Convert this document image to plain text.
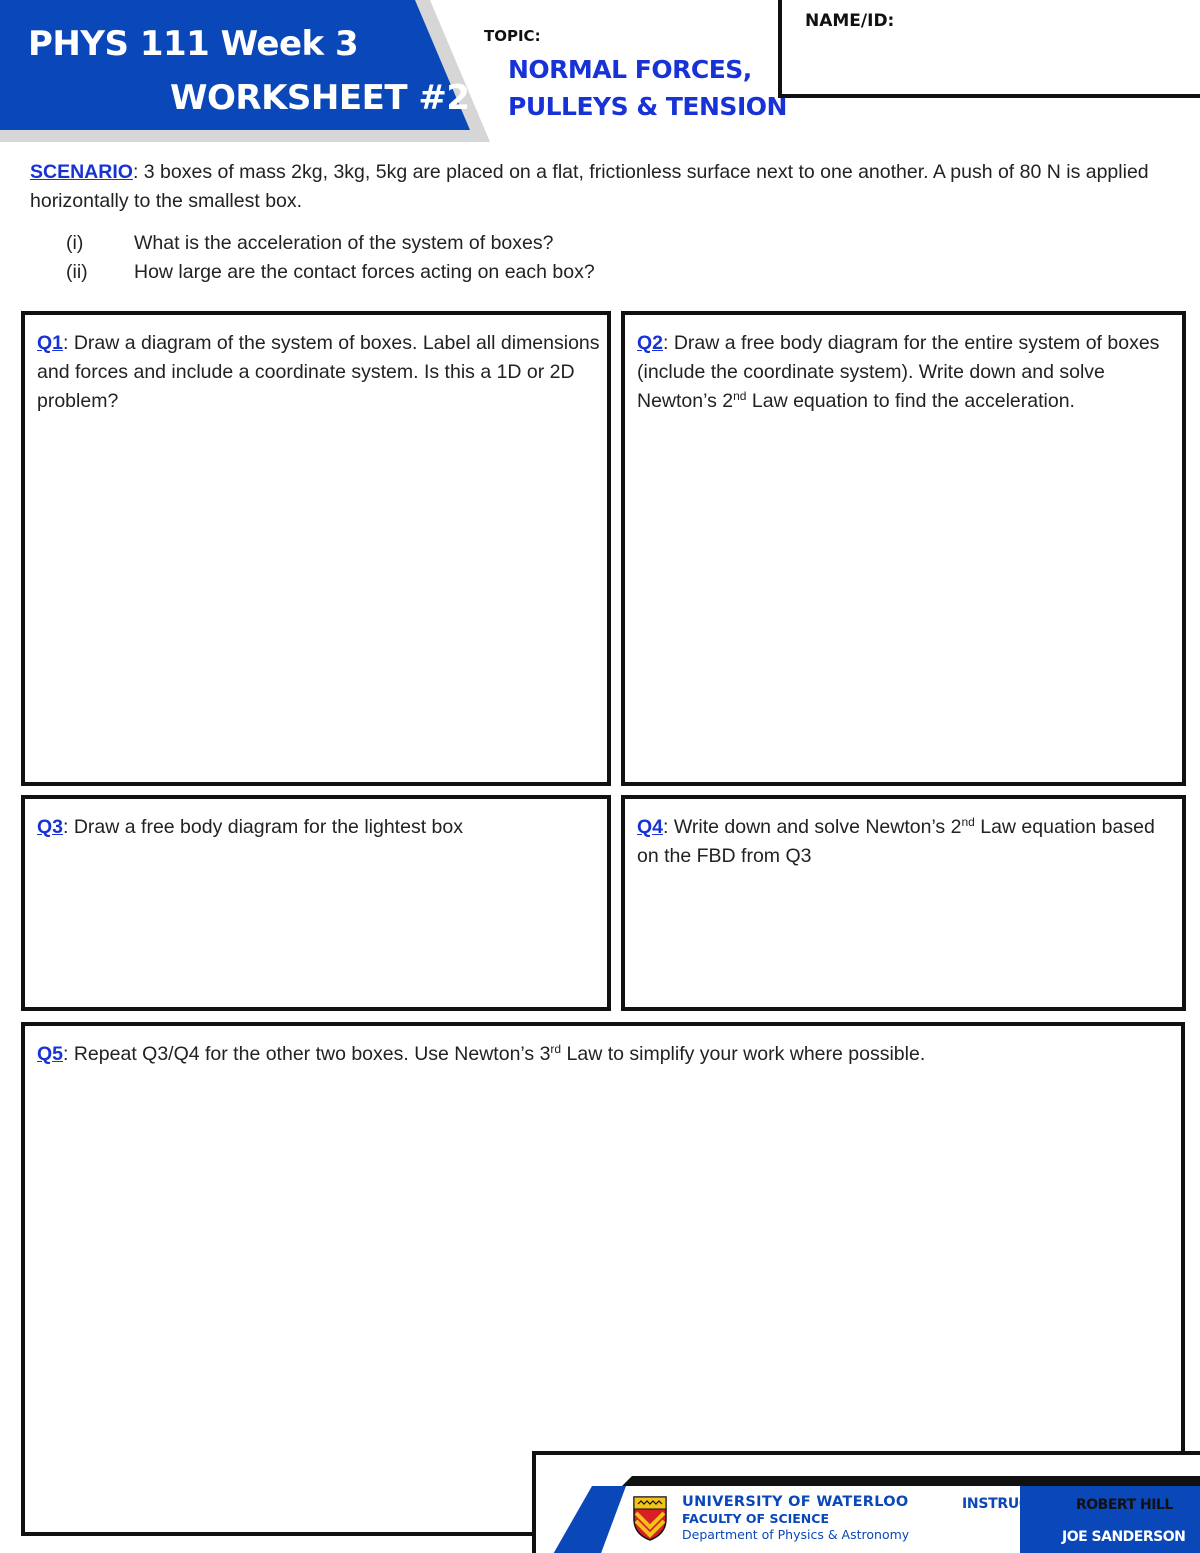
PHYS 111 Week 3
WORKSHEET #2
TOPIC:
NORMAL FORCES,
PULLEYS & TENSION
NAME/ID:
SCENARIO: 3 boxes of mass 2kg, 3kg, 5kg are placed on a flat, frictionless surface next to one another. A push of 80 N is applied horizontally to the smallest box.
(i)	What is the acceleration of the system of boxes?
(ii) How large are the contact forces acting on each box?
Q1: Draw a diagram of the system of boxes. Label all dimensions and forces and include a coordinate system. Is this a 1D or 2D problem?
Q2: Draw a free body diagram for the entire system of boxes (include the coordinate system). Write down and solve Newton’s 2nd Law equation to find the acceleration.
Q3: Draw a free body diagram for the lightest box	Q4: Write down and solve Newton’s 2nd Law equation based on the FBD from Q3
Q5: Repeat Q3/Q4 for the other two boxes. Use Newton’s 3rd Law to simplify your work where possible.
UNIVERSITY OF WATERLOO
FACULTY OF SCIENCE
Department of Physics & Astronomy
INSTRUCTORS: ROBERT HILL
JOE SANDERSON
